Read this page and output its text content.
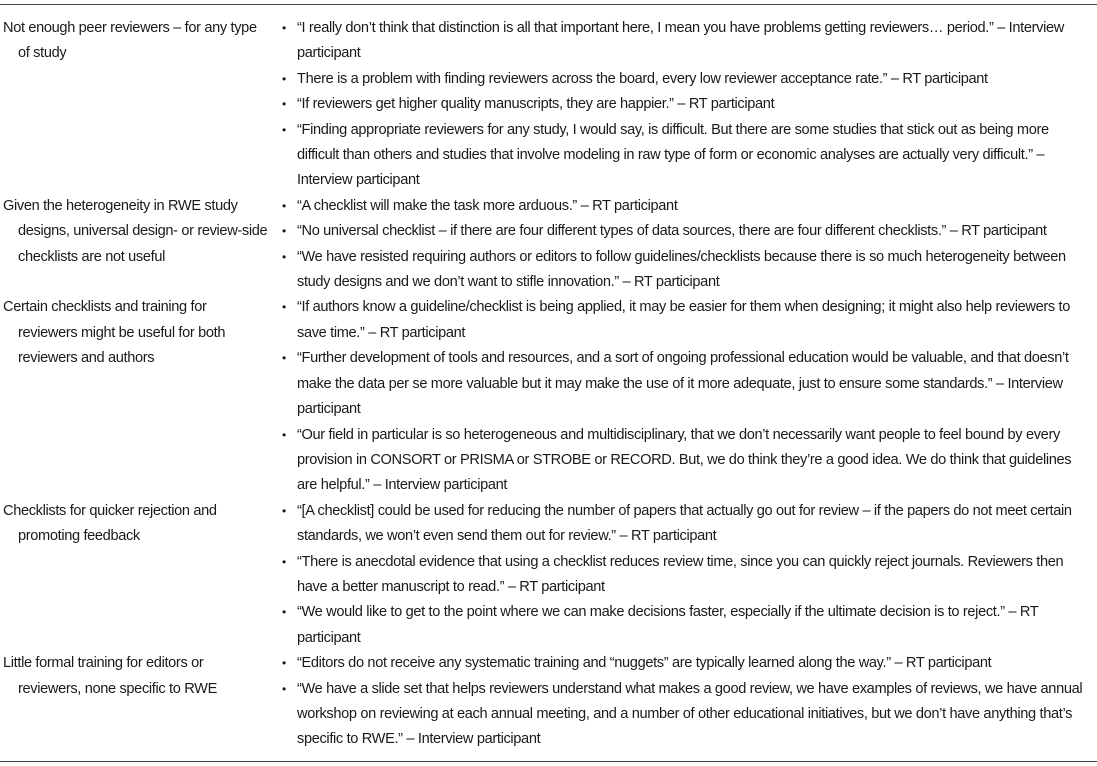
Not enough peer reviewers – for any type of study
• “I really don’t think that distinction is all that important here, I mean you have problems getting reviewers… period.” – Interview participant
• There is a problem with finding reviewers across the board, every low reviewer acceptance rate.” – RT participant
• “If reviewers get higher quality manuscripts, they are happier.” – RT participant
• “Finding appropriate reviewers for any study, I would say, is difficult. But there are some studies that stick out as being more difficult than others and studies that involve modeling in raw type of form or economic analyses are actually very difficult.” – Interview participant
Given the heterogeneity in RWE study designs, universal design- or review-side checklists are not useful
• “A checklist will make the task more arduous.” – RT participant
• “No universal checklist – if there are four different types of data sources, there are four different checklists.” – RT participant
• “We have resisted requiring authors or editors to follow guidelines/checklists because there is so much heterogeneity between study designs and we don’t want to stifle innovation.” – RT participant
Certain checklists and training for reviewers might be useful for both reviewers and authors
• “If authors know a guideline/checklist is being applied, it may be easier for them when designing; it might also help reviewers to save time.” – RT participant
• “Further development of tools and resources, and a sort of ongoing professional education would be valuable, and that doesn’t make the data per se more valuable but it may make the use of it more adequate, just to ensure some standards.” – Interview participant
• “Our field in particular is so heterogeneous and multidisciplinary, that we don’t necessarily want people to feel bound by every provision in CONSORT or PRISMA or STROBE or RECORD. But, we do think they’re a good idea. We do think that guidelines are helpful.” – Interview participant
Checklists for quicker rejection and promoting feedback
• “[A checklist] could be used for reducing the number of papers that actually go out for review – if the papers do not meet certain standards, we won’t even send them out for review.” – RT participant
• “There is anecdotal evidence that using a checklist reduces review time, since you can quickly reject journals. Reviewers then have a better manuscript to read.” – RT participant
• “We would like to get to the point where we can make decisions faster, especially if the ultimate decision is to reject.” – RT participant
Little formal training for editors or reviewers, none specific to RWE
• “Editors do not receive any systematic training and “nuggets” are typically learned along the way.” – RT participant
• “We have a slide set that helps reviewers understand what makes a good review, we have examples of reviews, we have annual workshop on reviewing at each annual meeting, and a number of other educational initiatives, but we don’t have anything that’s specific to RWE.” – Interview participant
